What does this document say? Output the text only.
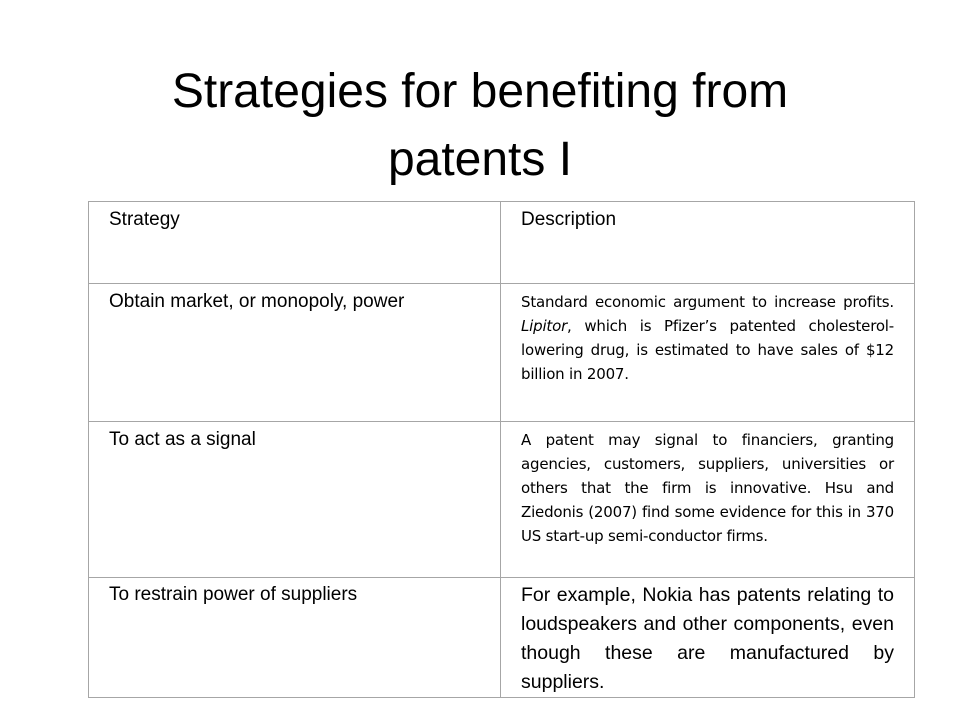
Strategies for benefiting from
patents I
Strategy	Description

Obtain market, or monopoly, power	Standard economic argument to increase profits. Lipitor, which is Pfizer’s patented cholesterol-lowering drug, is estimated to have sales of $12 billion in 2007.

To act as a signal	A patent may signal to financiers, granting agencies, customers, suppliers, universities or others that the firm is innovative. Hsu and Ziedonis (2007) find some evidence for this in 370 US start-up semi-conductor firms.

To restrain power of suppliers	For example, Nokia has patents relating to loudspeakers and other components, even though these are manufactured by suppliers.
